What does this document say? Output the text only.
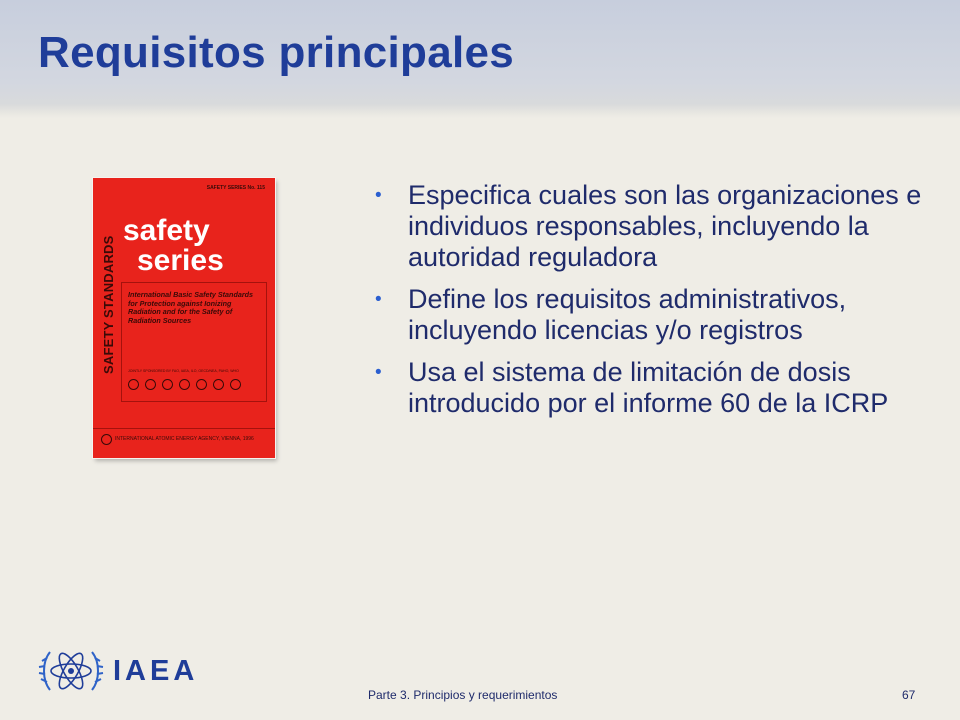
Requisitos principales
SAFETY SERIES No. 115
SAFETY STANDARDS
safety
series

International Basic Safety Standards for Protection against Ionizing Radiation and for the Safety of Radiation Sources

JOINTLY SPONSORED BY FAO, IAEA, ILO, OECD/NEA, PAHO, WHO
INTERNATIONAL ATOMIC ENERGY AGENCY, VIENNA, 1996
• Especifica cuales son las organizaciones e individuos responsables, incluyendo la autoridad reguladora
• Define los requisitos administrativos, incluyendo licencias y/o registros
• Usa el sistema de limitación de dosis introducido por el informe 60 de la ICRP
IAEA
Parte 3. Principios y requerimientos	67
